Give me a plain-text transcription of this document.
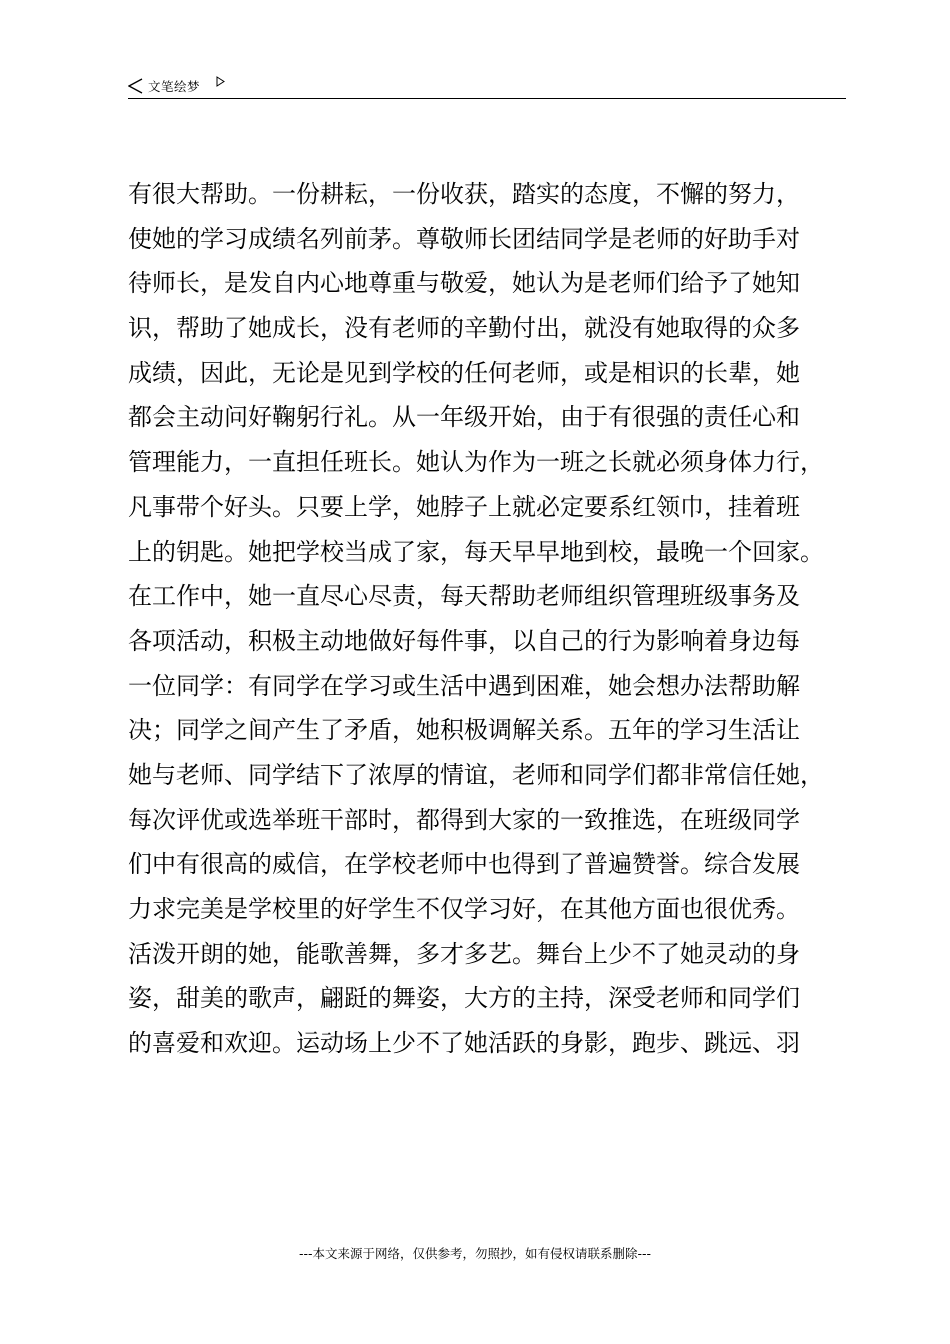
文笔绘梦
有很大帮助。一份耕耘，一份收获，踏实的态度，不懈的努力，
使她的学习成绩名列前茅。尊敬师长团结同学是老师的好助手对
待师长，是发自内心地尊重与敬爱，她认为是老师们给予了她知
识，帮助了她成长，没有老师的辛勤付出，就没有她取得的众多
成绩，因此，无论是见到学校的任何老师，或是相识的长辈，她
都会主动问好鞠躬行礼。从一年级开始，由于有很强的责任心和
管理能力，一直担任班长。她认为作为一班之长就必须身体力行，
凡事带个好头。只要上学，她脖子上就必定要系红领巾，挂着班
上的钥匙。她把学校当成了家，每天早早地到校，最晚一个回家。
在工作中，她一直尽心尽责，每天帮助老师组织管理班级事务及
各项活动，积极主动地做好每件事，以自己的行为影响着身边每
一位同学：有同学在学习或生活中遇到困难，她会想办法帮助解
决；同学之间产生了矛盾，她积极调解关系。五年的学习生活让
她与老师、同学结下了浓厚的情谊，老师和同学们都非常信任她，
每次评优或选举班干部时，都得到大家的一致推选，在班级同学
们中有很高的威信，在学校老师中也得到了普遍赞誉。综合发展
力求完美是学校里的好学生不仅学习好，在其他方面也很优秀。
活泼开朗的她，能歌善舞，多才多艺。舞台上少不了她灵动的身
姿，甜美的歌声，翩跹的舞姿，大方的主持，深受老师和同学们
的喜爱和欢迎。运动场上少不了她活跃的身影，跑步、跳远、羽
---本文来源于网络，仅供参考，勿照抄，如有侵权请联系删除---
